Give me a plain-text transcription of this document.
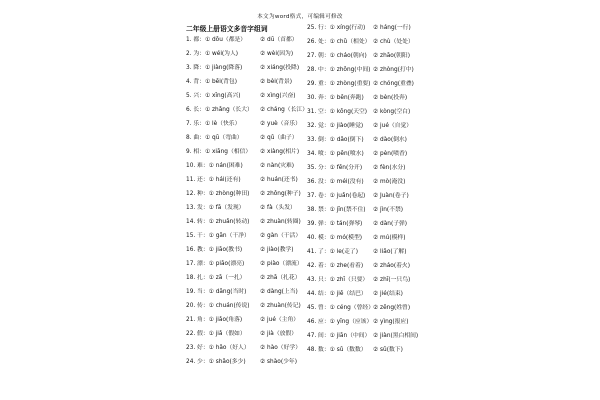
本文为word格式，可编辑可修改
二年级上册语文多音字组词
1. 都：① dōu（都是） ② dū（首都）
2. 为：① wéi(为人)	② wèi(因为)
3. 降：① jiàng(降落)	② xiáng(投降)
4. 背：① bēi(背包)	② bèi(背景)
5. 兴：① xīng(高兴)	② xìng(兴奋)
6. 长：① zhǎng（长大） ② cháng（长江）
7. 乐：① lè（快乐）	② yuè（音乐）
8. 曲：① qū（弯曲）	② qǔ（曲子）
9. 相：① xiāng（相信） ② xiàng(相片)
10. 难：① nán(困难)	② nàn(灾难)
11. 还：① hái(还有)	② huán(还书)
12. 种：① zhòng(种田) ② zhǒng(种子)
13. 发：① fā（发现）	② fà（头发）
14. 转：① zhuǎn(转动) ② zhuàn(转圈)
15. 干：① gān（干净） ② gàn（干活）
16. 教：① jiāo(教书)	② jiào(教学)
17. 漂：① piāo(漂亮)	② piào（漂流）
18. 扎：① zā（一扎）	② zhā（扎花）
19. 当：① dāng(当时) ② dàng(上当)
20. 传：① chuán(传说) ② zhuàn(传记)
21. 角：① jiǎo(角落)	② jué（主角）
22. 假：① jiǎ（假如） ② jià（放假）
23. 好：① hǎo（好人） ② hào（好学）
24. 少：① shǎo(多少) ② shào(少年)
25. 行：① xíng(行动) ② háng(一行)
26. 处：① chǔ（相处） ② chù（处处）
27. 朝：① cháo(朝向) ② zhāo(朝阳)
28. 中：① zhōng(中间) ② zhòng(打中)
29. 重：① zhòng(重要) ② chóng(重叠)
30. 奔：① bēn(奔跑) ② bèn(投奔)
31. 空：① kōng(天空) ② kòng(空白)
32. 觉：① jiào(睡觉) ② jué（自觉）
33. 倒：① dǎo(倒下) ② dào(倒水)
34. 喷：① pēn(喷水) ② pèn(喷香)
35. 分：① fēn(分开) ② fèn(水分)
36. 没：① méi(没有) ② mò(淹没)
37. 卷：① juǎn(卷起) ② Juàn(卷子)
38. 禁：① jīn(禁不住) ② jìn(不禁)
39. 弹：① tán(弹琴) ② dàn(子弹)
40. 模：① mó(模型) ② mú(模样)
41. 了：① le(走了)	② liǎo(了解)
42. 着：① zhe(看着) ② zháo(着火)
43. 只：① zhī（只要） ② zhī(一只鸟)
44. 结：① jiē（结巴） ② jié(结束)
45. 曾：① céng（曾经） ② zēng(姓曾)
46. 应：① yīng（应该） ② yìng(报应)
47. 间：① jiān（中间） ② jiàn(黑白相间)
48. 数：① sǔ（数数） ② sǔ(数下)
